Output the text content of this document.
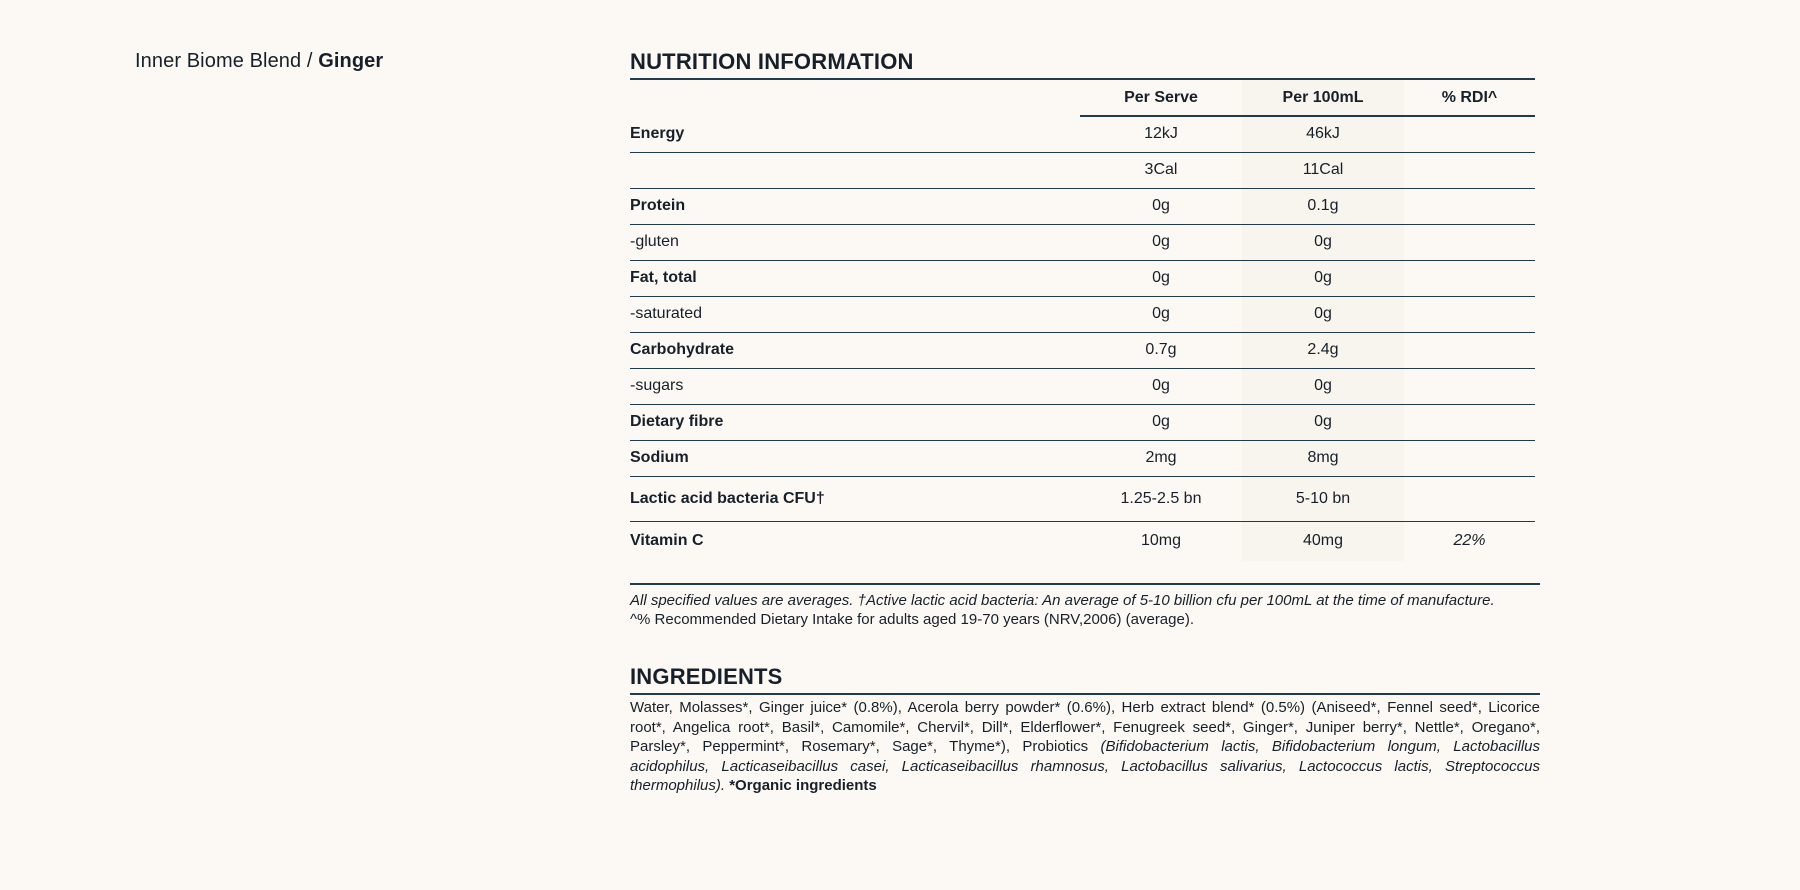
Inner Biome Blend / Ginger	NUTRITION INFORMATION
	Per Serve	Per 100mL	% RDI^
Energy	12kJ	46kJ	
	3Cal	11Cal	
Protein	0g	0.1g	
-gluten	0g	0g	
Fat, total	0g	0g	
-saturated	0g	0g	
Carbohydrate	0.7g	2.4g	
-sugars	0g	0g	
Dietary fibre	0g	0g	
Sodium	2mg	8mg	
Lactic acid bacteria CFU†	1.25-2.5 bn	5-10 bn	
Vitamin C	10mg	40mg	22%
All specified values are averages. †Active lactic acid bacteria: An average of 5-10 billion cfu per 100mL at the time of manufacture.
^% Recommended Dietary Intake for adults aged 19-70 years (NRV,2006) (average).
INGREDIENTS
Water, Molasses*, Ginger juice* (0.8%), Acerola berry powder* (0.6%), Herb extract blend* (0.5%) (Aniseed*, Fennel seed*, Licorice root*, Angelica root*, Basil*, Camomile*, Chervil*, Dill*, Elderflower*, Fenugreek seed*, Ginger*, Juniper berry*, Nettle*, Oregano*, Parsley*, Peppermint*, Rosemary*, Sage*, Thyme*), Probiotics (Bifidobacterium lactis, Bifidobacterium longum, Lactobacillus acidophilus, Lacticaseibacillus casei, Lacticaseibacillus rhamnosus, Lactobacillus salivarius, Lactococcus lactis, Streptococcus thermophilus). *Organic ingredients
